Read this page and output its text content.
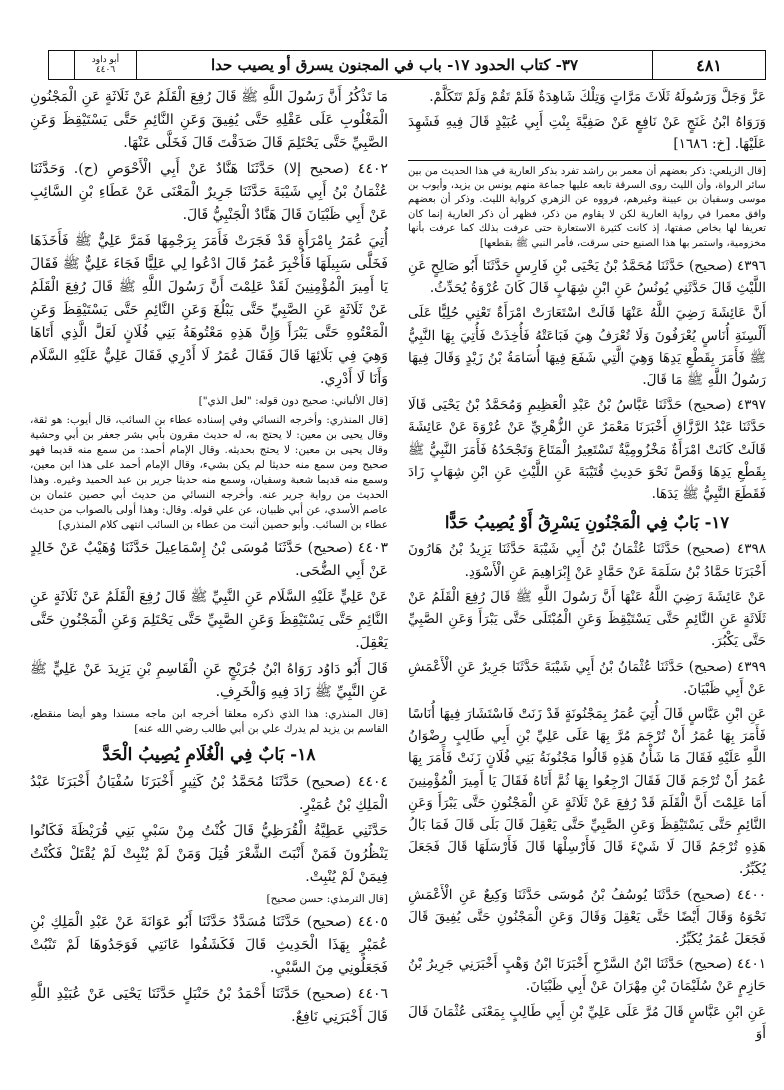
أبو داود
٤٤٠٦	٣٧- كتاب الحدود ١٧- باب في المجنون يسرق أو يصيب حدا	٤٨١

عَزَّ وَجَلَّ وَرَسُولَهُ ثَلَاثَ مَرَّاتٍ وَتِلْكَ شَاهِدَةٌ فَلَمْ تَقُمْ وَلَمْ تَتَكَلَّمْ.

وَرَوَاهُ ابْنُ غَنَجٍ عَنْ نَافِعٍ عَنْ صَفِيَّةَ بِنْتِ أَبِي عُبَيْدٍ قَالَ فِيهِ فَشَهِدَ عَلَيْهَا. [خ: ١٦٨٦]

[قال الزيلعي: ذكر بعضهم أن معمر بن راشد تفرد بذكر العارية في هذا الحديث من بين سائر الرواة، وأن الليث روى السرقة تابعه عليها جماعة منهم يونس بن يزيد، وأيوب بن موسى وسفيان بن عيينة وغيرهم، فرووه عن الزهري كرواية الليث. وذكر أن بعضهم وافق معمرا في رواية العارية لكن لا يقاوم من ذكر، فظهر أن ذكر العارية إنما كان تعريفا لها بخاص صفتها، إذ كانت كثيرة الاستعارة حتى عرفت بذلك كما عرفت بأنها مخزومية، واستمر بها هذا الصنيع حتى سرقت، فأمر النبي ﷺ بقطعها]

٤٣٩٦ (صحيح) حَدَّثَنَا مُحَمَّدُ بْنُ يَحْيَى بْنِ فَارِسٍ حَدَّثَنَا أَبُو صَالِحٍ عَنِ اللَّيْثِ قَالَ حَدَّثَنِي يُونُسُ عَنِ ابْنِ شِهَابٍ قَالَ كَانَ عُرْوَةُ يُحَدِّثُ.

أَنَّ عَائِشَةَ رَضِيَ اللَّهُ عَنْهَا قَالَتْ اسْتَعَارَتْ امْرَأَةٌ تَعْنِي حُلِيًّا عَلَى أَلْسِنَةِ أُنَاسٍ يُعْرَفُونَ وَلَا تُعْرَفُ هِيَ فَبَاعَتْهُ فَأُخِذَتْ فَأُتِيَ بِهَا النَّبِيُّ ﷺ فَأَمَرَ بِقَطْعِ يَدِهَا وَهِيَ الَّتِي شَفَعَ فِيهَا أُسَامَةُ بْنُ زَيْدٍ وَقَالَ فِيهَا رَسُولُ اللَّهِ ﷺ مَا قَالَ.

٤٣٩٧ (صحيح) حَدَّثَنَا عَبَّاسُ بْنُ عَبْدِ الْعَظِيمِ وَمُحَمَّدُ بْنُ يَحْيَى قَالَا حَدَّثَنَا عَبْدُ الرَّزَّاقِ أَخْبَرَنَا مَعْمَرٌ عَنِ الزُّهْرِيِّ عَنْ عُرْوَةَ عَنْ عَائِشَةَ قَالَتْ كَانَتْ امْرَأَةٌ مَخْزُومِيَّةٌ تَسْتَعِيرُ الْمَتَاعَ وَتَجْحَدُهُ فَأَمَرَ النَّبِيُّ ﷺ بِقَطْعِ يَدِهَا وَقَصَّ نَحْوَ حَدِيثِ قُتَيْبَةَ عَنِ اللَّيْثِ عَنِ ابْنِ شِهَابٍ زَادَ فَقَطَعَ النَّبِيُّ ﷺ يَدَهَا.

١٧- بَابٌ فِي الْمَجْنُونِ يَسْرِقُ أَوْ يُصِيبُ حَدًّا

٤٣٩٨ (صحيح) حَدَّثَنَا عُثْمَانُ بْنُ أَبِي شَيْبَةَ حَدَّثَنَا يَزِيدُ بْنُ هَارُونَ أَخْبَرَنَا حَمَّادُ بْنُ سَلَمَةَ عَنْ حَمَّادٍ عَنْ إِبْرَاهِيمَ عَنِ الْأَسْوَدِ.

عَنْ عَائِشَةَ رَضِيَ اللَّهُ عَنْهَا أَنَّ رَسُولَ اللَّهِ ﷺ قَالَ رُفِعَ الْقَلَمُ عَنْ ثَلَاثَةٍ عَنِ النَّائِمِ حَتَّى يَسْتَيْقِظَ وَعَنِ الْمُبْتَلَى حَتَّى يَبْرَأَ وَعَنِ الصَّبِيِّ حَتَّى يَكْبُرَ.

٤٣٩٩ (صحيح) حَدَّثَنَا عُثْمَانُ بْنُ أَبِي شَيْبَةَ حَدَّثَنَا جَرِيرٌ عَنِ الْأَعْمَشِ عَنْ أَبِي ظَبْيَانَ.

عَنِ ابْنِ عَبَّاسٍ قَالَ أُتِيَ عُمَرُ بِمَجْنُونَةٍ قَدْ زَنَتْ فَاسْتَشَارَ فِيهَا أُنَاسًا فَأَمَرَ بِهَا عُمَرُ أَنْ تُرْجَمَ مُرَّ بِهَا عَلَى عَلِيِّ بْنِ أَبِي طَالِبٍ رِضْوَانُ اللَّهِ عَلَيْهِ فَقَالَ مَا شَأْنُ هَذِهِ قَالُوا مَجْنُونَةُ بَنِي فُلَانٍ زَنَتْ فَأَمَرَ بِهَا عُمَرُ أَنْ تُرْجَمَ قَالَ فَقَالَ ارْجِعُوا بِهَا ثُمَّ أَتَاهُ فَقَالَ يَا أَمِيرَ الْمُؤْمِنِينَ أَمَا عَلِمْتَ أَنَّ الْقَلَمَ قَدْ رُفِعَ عَنْ ثَلَاثَةٍ عَنِ الْمَجْنُونِ حَتَّى يَبْرَأَ وَعَنِ النَّائِمِ حَتَّى يَسْتَيْقِظَ وَعَنِ الصَّبِيِّ حَتَّى يَعْقِلَ قَالَ بَلَى قَالَ فَمَا بَالُ هَذِهِ تُرْجَمُ قَالَ لَا شَيْءَ قَالَ فَأَرْسِلْهَا قَالَ فَأَرْسَلَهَا قَالَ فَجَعَلَ يُكَبِّرُ.

٤٤٠٠ (صحيح) حَدَّثَنَا يُوسُفُ بْنُ مُوسَى حَدَّثَنَا وَكِيعٌ عَنِ الْأَعْمَشِ نَحْوَهُ وَقَالَ أَيْضًا حَتَّى يَعْقِلَ وَقَالَ وَعَنِ الْمَجْنُونِ حَتَّى يُفِيقَ قَالَ فَجَعَلَ عُمَرُ يُكَبِّرُ.

٤٤٠١ (صحيح) حَدَّثَنَا ابْنُ السَّرْحِ أَخْبَرَنَا ابْنُ وَهْبٍ أَخْبَرَنِي جَرِيرُ بْنُ حَازِمٍ عَنْ سُلَيْمَانَ بْنِ مِهْرَانَ عَنْ أَبِي ظَبْيَانَ.

عَنِ ابْنِ عَبَّاسٍ قَالَ مُرَّ عَلَى عَلِيِّ بْنِ أَبِي طَالِبٍ بِمَعْنَى عُثْمَانَ قَالَ أَوَ

مَا تَذْكُرُ أَنَّ رَسُولَ اللَّهِ ﷺ قَالَ رُفِعَ الْقَلَمُ عَنْ ثَلَاثَةٍ عَنِ الْمَجْنُونِ الْمَغْلُوبِ عَلَى عَقْلِهِ حَتَّى يُفِيقَ وَعَنِ النَّائِمِ حَتَّى يَسْتَيْقِظَ وَعَنِ الصَّبِيِّ حَتَّى يَحْتَلِمَ قَالَ صَدَقْتَ قَالَ فَخَلَّى عَنْهَا.

٤٤٠٢ (صحيح إلا) حَدَّثَنَا هَنَّادٌ عَنْ أَبِي الْأَحْوَصِ (ح). وَحَدَّثَنَا عُثْمَانُ بْنُ أَبِي شَيْبَةَ حَدَّثَنَا جَرِيرٌ الْمَعْنَى عَنْ عَطَاءِ بْنِ السَّائِبِ عَنْ أَبِي ظَبْيَانَ قَالَ هَنَّادٌ الْجَنْبِيُّ قَالَ.

أُتِيَ عُمَرُ بِامْرَأَةٍ قَدْ فَجَرَتْ فَأَمَرَ بِرَجْمِهَا فَمَرَّ عَلِيٌّ ﷺ فَأَخَذَهَا فَخَلَّى سَبِيلَهَا فَأُخْبِرَ عُمَرُ قَالَ ادْعُوا لِي عَلِيًّا فَجَاءَ عَلِيٌّ ﷺ فَقَالَ يَا أَمِيرَ الْمُؤْمِنِينَ لَقَدْ عَلِمْتَ أَنَّ رَسُولَ اللَّهِ ﷺ قَالَ رُفِعَ الْقَلَمُ عَنْ ثَلَاثَةٍ عَنِ الصَّبِيِّ حَتَّى يَبْلُغَ وَعَنِ النَّائِمِ حَتَّى يَسْتَيْقِظَ وَعَنِ الْمَعْتُوهِ حَتَّى يَبْرَأَ وَإِنَّ هَذِهِ مَعْتُوهَةُ بَنِي فُلَانٍ لَعَلَّ الَّذِي أَتَاهَا وَهِيَ فِي بَلَائِهَا قَالَ فَقَالَ عُمَرُ لَا أَدْرِي فَقَالَ عَلِيٌّ عَلَيْهِ السَّلَام وَأَنَا لَا أَدْرِي.

[قال الألباني: صحيح دون قوله: "لعل الذي"]

[قال المنذري: وأخرجه النسائي وفي إسناده عطاء بن السائب، قال أيوب: هو ثقة، وقال يحيى بن معين: لا يحتج به، له حديث مقرون بأبي بشر جعفر بن أبي وحشية وقال يحيى بن معين: لا يحتج بحديثه. وقال الإمام أحمد: من سمع منه قديما فهو صحيح ومن سمع منه حديثا لم يكن بشيء، وقال الإمام أحمد على هذا ابن معين، وسمع منه قديما شعبة وسفيان، وسمع منه حديثا جرير بن عبد الحميد وغيره. وهذا الحديث من رواية جرير عنه. وأخرجه النسائي من حديث أبي حصين عثمان بن عاصم الأسدي، عن أبي ظبيان، عن علي قوله. وقال: وهذا أولى بالصواب من حديث عطاء بن السائب. وأبو حصين أثبت من عطاء بن السائب انتهى كلام المنذري]

٤٤٠٣ (صحيح) حَدَّثَنَا مُوسَى بْنُ إِسْمَاعِيلَ حَدَّثَنَا وُهَيْبٌ عَنْ خَالِدٍ عَنْ أَبِي الضُّحَى.

عَنْ عَلِيٍّ عَلَيْهِ السَّلَام عَنِ النَّبِيِّ ﷺ قَالَ رُفِعَ الْقَلَمُ عَنْ ثَلَاثَةٍ عَنِ النَّائِمِ حَتَّى يَسْتَيْقِظَ وَعَنِ الصَّبِيِّ حَتَّى يَحْتَلِمَ وَعَنِ الْمَجْنُونِ حَتَّى يَعْقِلَ.

قَالَ أَبُو دَاوُد رَوَاهُ ابْنُ جُرَيْجٍ عَنِ الْقَاسِمِ بْنِ يَزِيدَ عَنْ عَلِيٍّ ﷺ عَنِ النَّبِيِّ ﷺ زَادَ فِيهِ وَالْخَرِفِ.

[قال المنذري: هذا الذي ذكره معلقا أخرجه ابن ماجه مسندا وهو أيضا منقطع، القاسم بن يزيد لم يدرك علي بن أبي طالب رضي الله عنه]

١٨- بَابٌ فِي الْغُلَامِ يُصِيبُ الْحَدَّ

٤٤٠٤ (صحيح) حَدَّثَنَا مُحَمَّدُ بْنُ كَثِيرٍ أَخْبَرَنَا سُفْيَانُ أَخْبَرَنَا عَبْدُ الْمَلِكِ بْنُ عُمَيْرٍ.

حَدَّثَنِي عَطِيَّةُ الْقُرَظِيُّ قَالَ كُنْتُ مِنْ سَبْيِ بَنِي قُرَيْظَةَ فَكَانُوا يَنْظُرُونَ فَمَنْ أَنْبَتَ الشَّعْرَ قُتِلَ وَمَنْ لَمْ يُنْبِتْ لَمْ يُقْتَلْ فَكُنْتُ فِيمَنْ لَمْ يُنْبِتْ.

[قال الترمذي: حسن صحيح]

٤٤٠٥ (صحيح) حَدَّثَنَا مُسَدَّدٌ حَدَّثَنَا أَبُو عَوَانَةَ عَنْ عَبْدِ الْمَلِكِ بْنِ عُمَيْرٍ بِهَذَا الْحَدِيثِ قَالَ فَكَشَفُوا عَانَتِي فَوَجَدُوهَا لَمْ تَنْبُتْ فَجَعَلُونِي مِنَ السَّبْيِ.

٤٤٠٦ (صحيح) حَدَّثَنَا أَحْمَدُ بْنُ حَنْبَلٍ حَدَّثَنَا يَحْيَى عَنْ عُبَيْدِ اللَّهِ قَالَ أَخْبَرَنِي نَافِعٌ.
